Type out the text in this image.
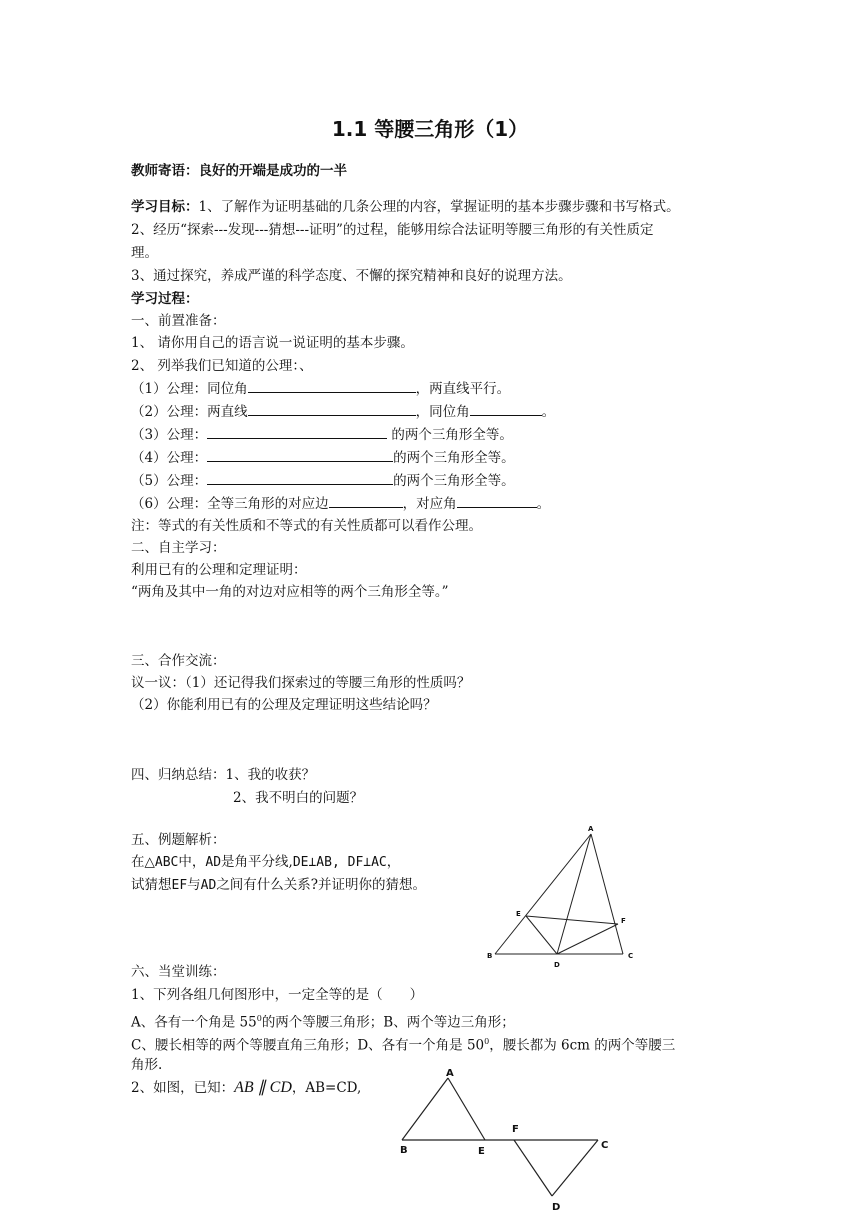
1.1 等腰三角形（1）
教师寄语：良好的开端是成功的一半
学习目标：1、了解作为证明基础的几条公理的内容，掌握证明的基本步骤步骤和书写格式。
2、经历“探索---发现---猜想---证明”的过程，能够用综合法证明等腰三角形的有关性质定
理。
3、通过探究，养成严谨的科学态度、不懈的探究精神和良好的说理方法。
学习过程：
一、前置准备：
1、 请你用自己的语言说一说证明的基本步骤。
2、 列举我们已知道的公理：、
（1）公理：同位角	，两直线平行。
（2）公理：两直线	，同位角	。
（3）公理：	的两个三角形全等。
（4）公理：	的两个三角形全等。
（5）公理：	的两个三角形全等。
（6）公理：全等三角形的对应边	，对应角	。
注：等式的有关性质和不等式的有关性质都可以看作公理。
二、自主学习：
利用已有的公理和定理证明：
“两角及其中一角的对边对应相等的两个三角形全等。”
三、合作交流：
议一议：（1）还记得我们探索过的等腰三角形的性质吗？
（2）你能利用已有的公理及定理证明这些结论吗？
四、归纳总结：1、我的收获？
2、我不明白的问题？
五、例题解析：
在△ABC中，AD是角平分线,DE⊥AB, DF⊥AC，
试猜想EF与AD之间有什么关系?并证明你的猜想。
A
B	C
D
E
F
六、当堂训练：
1、下列各组几何图形中，一定全等的是（　　）
A、各有一个角是 $55^0$的两个等腰三角形；B、两个等边三角形；
C、腰长相等的两个等腰直角三角形；D、各有一个角是 $50^0$，腰长都为 6cm 的两个等腰三
角形.
2、如图，已知：AB ∥ CD，AB=CD,
A
B	E
F
C
D
